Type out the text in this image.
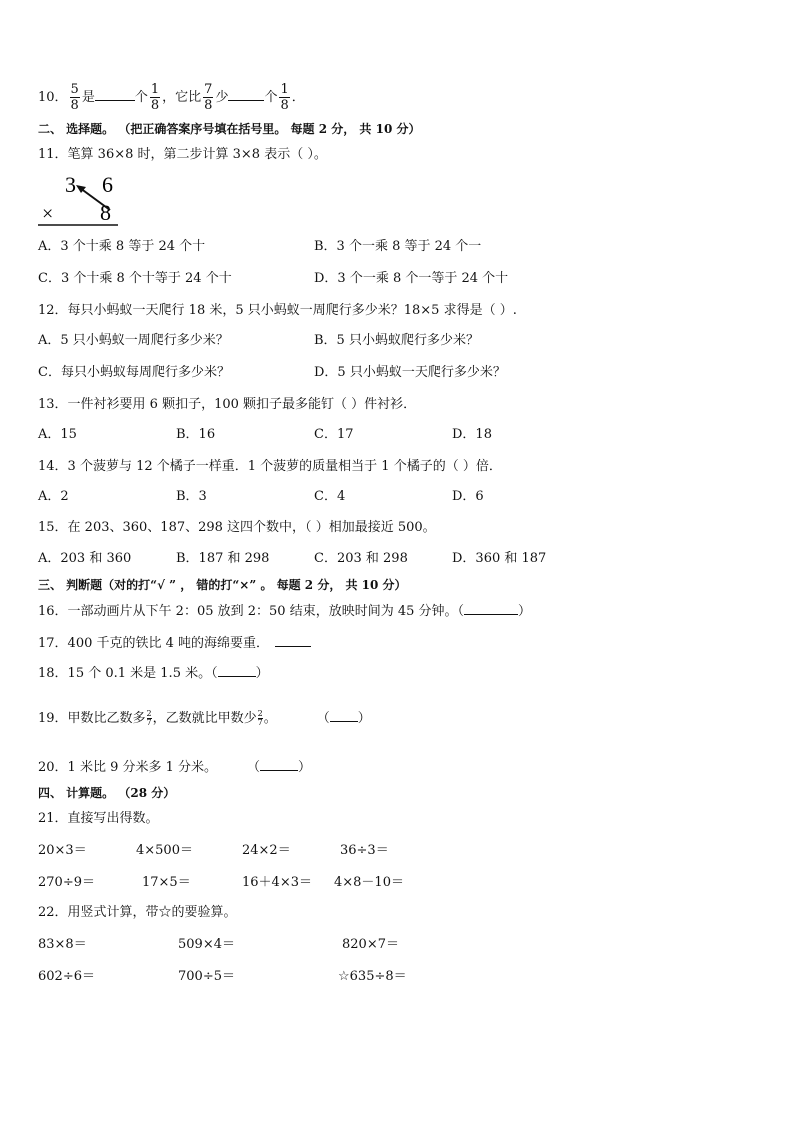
10． $\frac{5}{8}$ 是	个 $\frac{1}{8}$ ，它比 $\frac{7}{8}$ 少	个 $\frac{1}{8}$ ．
二、 选择题。 （把正确答案序号填在括号里。 每题 2 分， 共 10 分）
11．笔算 36×8 时，第二步计算 3×8 表示（ ）。
3 6
× 8
A．3 个十乘 8 等于 24 个十	B．3 个一乘 8 等于 24 个一
C．3 个十乘 8 个十等于 24 个十	D．3 个一乘 8 个一等于 24 个十
12．每只小蚂蚁一天爬行 18 米，5 只小蚂蚁一周爬行多少米？18×5 求得是（ ）.
A．5 只小蚂蚁一周爬行多少米？	B．5 只小蚂蚁爬行多少米？
C．每只小蚂蚁每周爬行多少米？	D．5 只小蚂蚁一天爬行多少米？
13．一件衬衫要用 6 颗扣子，100 颗扣子最多能钉（ ）件衬衫．
A．15	B．16	C．17	D．18
14．3 个菠萝与 12 个橘子一样重．1 个菠萝的质量相当于 1 个橘子的（ ）倍．
A．2	B．3	C．4	D．6
15．在 203、360、187、298 这四个数中，（ ）相加最接近 500。
A．203 和 360	B．187 和 298	C．203 和 298	D．360 和 187
三、 判断题（对的打“√ ” ， 错的打“×” 。 每题 2 分， 共 10 分）
16．一部动画片从下午 2：05 放到 2：50 结束，放映时间为 45 分钟。（	）
17．400 千克的铁比 4 吨的海绵要重．
18．15 个 0.1 米是 1.5 米。（	）
19．甲数比乙数多 $\frac{2}{7}$ ，乙数就比甲数少 $\frac{2}{7}$ 。	（ ）
20．1 米比 9 分米多 1 分米。 （	）
四、 计算题。 （28 分）
21．直接写出得数。
20×3＝	4×500＝	24×2＝	36÷3＝
270÷9＝	17×5＝	16＋4×3＝ 4×8－10＝
22．用竖式计算，带☆的要验算。
83×8＝	509×4＝	820×7＝
602÷6＝	700÷5＝	☆635÷8＝
